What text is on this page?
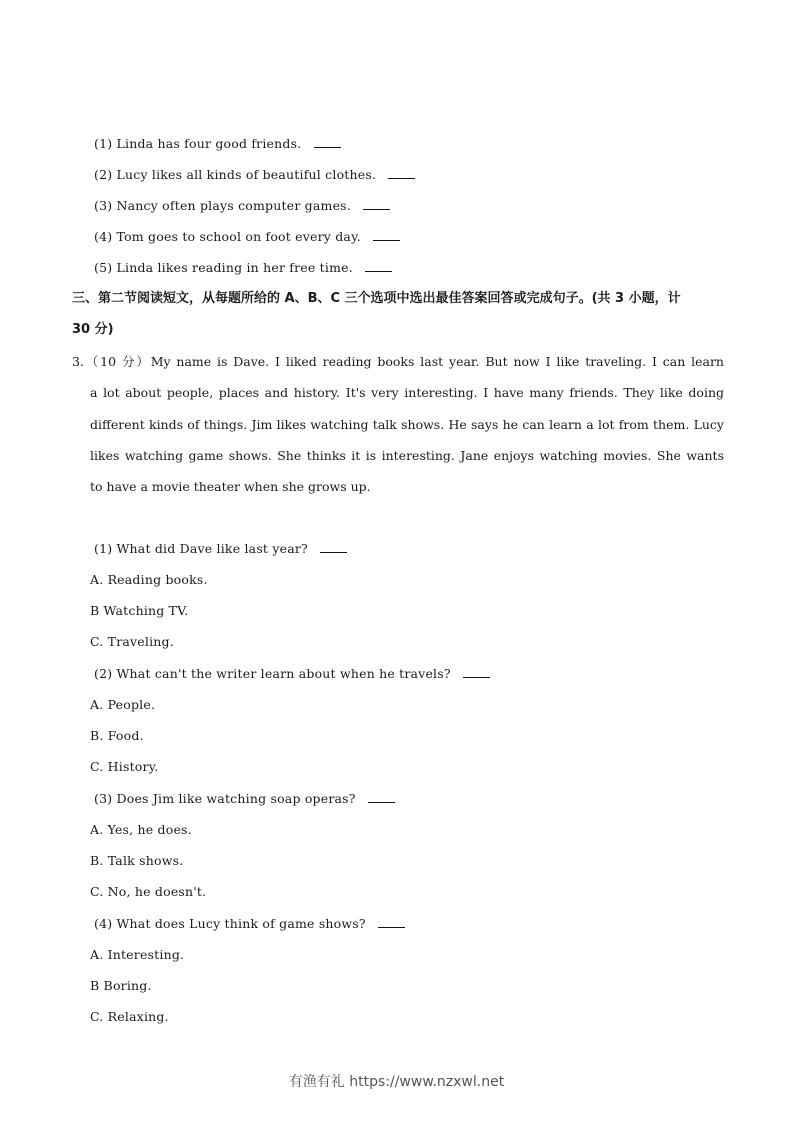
(1) Linda has four good friends.
(2) Lucy likes all kinds of beautiful clothes.
(3) Nancy often plays computer games.
(4) Tom goes to school on foot every day.
(5) Linda likes reading in her free time.
三、第二节阅读短文，从每题所给的 A、B、C 三个选项中选出最佳答案回答或完成句子。(共 3 小题，计
30 分)
3.（10 分）My name is Dave. I liked reading books last year. But now I like traveling. I can learn
a lot about people, places and history. It's very interesting. I have many friends. They like doing
different kinds of things. Jim likes watching talk shows. He says he can learn a lot from them. Lucy
likes watching game shows. She thinks it is interesting. Jane enjoys watching movies. She wants
to have a movie theater when she grows up.
(1) What did Dave like last year?
A. Reading books.
B Watching TV.
C. Traveling.
(2) What can't the writer learn about when he travels?
A. People.
B. Food.
C. History.
(3) Does Jim like watching soap operas?
A. Yes, he does.
B. Talk shows.
C. No, he doesn't.
(4) What does Lucy think of game shows?
A. Interesting.
B Boring.
C. Relaxing.
有渔有礼 https://www.nzxwl.net
